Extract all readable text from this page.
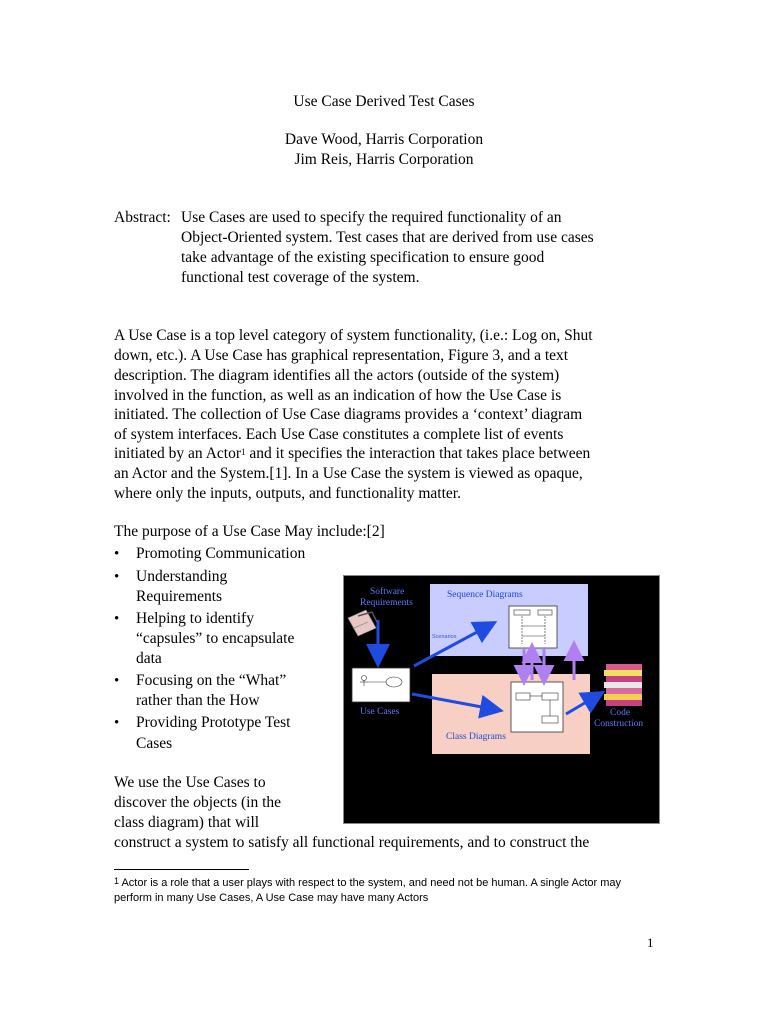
Use Case Derived Test Cases
Dave Wood, Harris Corporation
Jim Reis, Harris Corporation
Abstract: Use Cases are used to specify the required functionality of an
Object-Oriented system. Test cases that are derived from use cases
take advantage of the existing specification to ensure good
functional test coverage of the system.
A Use Case is a top level category of system functionality, (i.e.: Log on, Shut
down, etc.). A Use Case has graphical representation, Figure 3, and a text
description. The diagram identifies all the actors (outside of the system)
involved in the function, as well as an indication of how the Use Case is
initiated. The collection of Use Case diagrams provides a ‘context’ diagram
of system interfaces. Each Use Case constitutes a complete list of events
initiated by an Actor$^1$ and it specifies the interaction that takes place between
an Actor and the System.[1]. In a Use Case the system is viewed as opaque,
where only the inputs, outputs, and functionality matter.
The purpose of a Use Case May include:[2]
• Promoting Communication
• Understanding
Requirements
• Helping to identify
“capsules” to encapsulate
data
• Focusing on the “What”
rather than the How
• Providing Prototype Test
Cases
We use the Use Cases to
discover the objects (in the
class diagram) that will
construct a system to satisfy all functional requirements, and to construct the
Software
Requirements
Sequence Diagrams
Scenarios
Use Cases
Class Diagrams
Code
Construction
$^1$ Actor is a role that a user plays with respect to the system, and need not be human. A single Actor may
perform in many Use Cases, A Use Case may have many Actors
1
